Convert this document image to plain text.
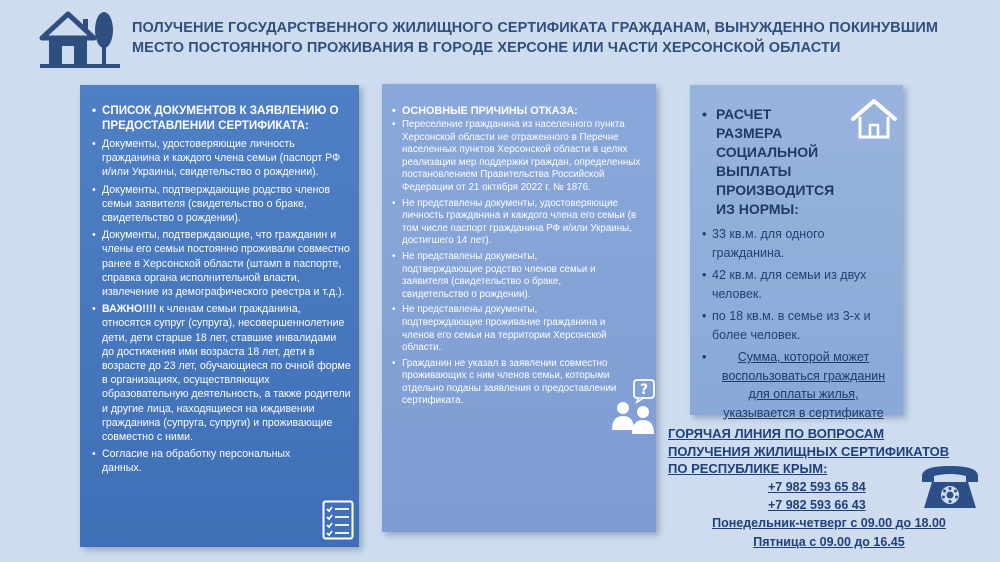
ПОЛУЧЕНИЕ ГОСУДАРСТВЕННОГО ЖИЛИЩНОГО СЕРТИФИКАТА ГРАЖДАНАМ, ВЫНУЖДЕННО ПОКИНУВШИМ МЕСТО ПОСТОЯННОГО ПРОЖИВАНИЯ В ГОРОДЕ ХЕРСОНЕ ИЛИ ЧАСТИ ХЕРСОНСКОЙ ОБЛАСТИ
• СПИСОК ДОКУМЕНТОВ К ЗАЯВЛЕНИЮ О ПРЕДОСТАВЛЕНИИ СЕРТИФИКАТА:
• Документы, удостоверяющие личность гражданина и каждого члена семьи (паспорт РФ и/или Украины, свидетельство о рождении).
• Документы, подтверждающие родство членов семьи заявителя (свидетельство о браке, свидетельство о рождении).
• Документы, подтверждающие, что гражданин и члены его семьи постоянно проживали совместно ранее в Херсонской области (штамп в паспорте, справка органа исполнительной власти, извлечение из демографического реестра и т.д.).
• ВАЖНО!!!! к членам семьи гражданина, относятся супруг (супруга), несовершеннолетние дети, дети старше 18 лет, ставшие инвалидами до достижения ими возраста 18 лет, дети в возрасте до 23 лет, обучающиеся по очной форме в организациях, осуществляющих образовательную деятельность, а также родители и другие лица, находящиеся на иждивении гражданина (супруга, супруги) и проживающие совместно с ними.
• Согласие на обработку персональных данных.
• ОСНОВНЫЕ ПРИЧИНЫ ОТКАЗА:
• Переселение гражданина из населенного пункта Херсонской области не отраженного в Перечне населенных пунктов Херсонской области в целях реализации мер поддержки граждан, определенных постановлением Правительства Российской Федерации от 21 октября 2022 г. № 1876.
• Не представлены документы, удостоверяющие личность гражданина и каждого члена его семьи (в том числе паспорт гражданина РФ и/или Украины, достигшего 14 лет).
• Не представлены документы, подтверждающие родство членов семьи и заявителя (свидетельство о браке, свидетельство о рождении).
• Не представлены документы, подтверждающие проживание гражданина и членов его семьи на территории Херсонской области.
• Гражданин не указал в заявлении совместно проживающих с ним членов семьи, которыми отдельно поданы заявления о предоставлении сертификата.
?
• РАСЧЕТ РАЗМЕРА СОЦИАЛЬНОЙ ВЫПЛАТЫ ПРОИЗВОДИТСЯ ИЗ НОРМЫ:
• 33 кв.м. для одного гражданина.
• 42 кв.м. для семьи из двух человек.
• по 18 кв.м. в семье из 3-х и более человек.
• Сумма, которой может воспользоваться гражданин для оплаты жилья, указывается в сертификате
ГОРЯЧАЯ ЛИНИЯ ПО ВОПРОСАМ
ПОЛУЧЕНИЯ ЖИЛИЩНЫХ СЕРТИФИКАТОВ
ПО РЕСПУБЛИКЕ КРЫМ:
+7 982 593 65 84
+7 982 593 66 43
Понедельник-четверг с 09.00 до 18.00
Пятница с 09.00 до 16.45
